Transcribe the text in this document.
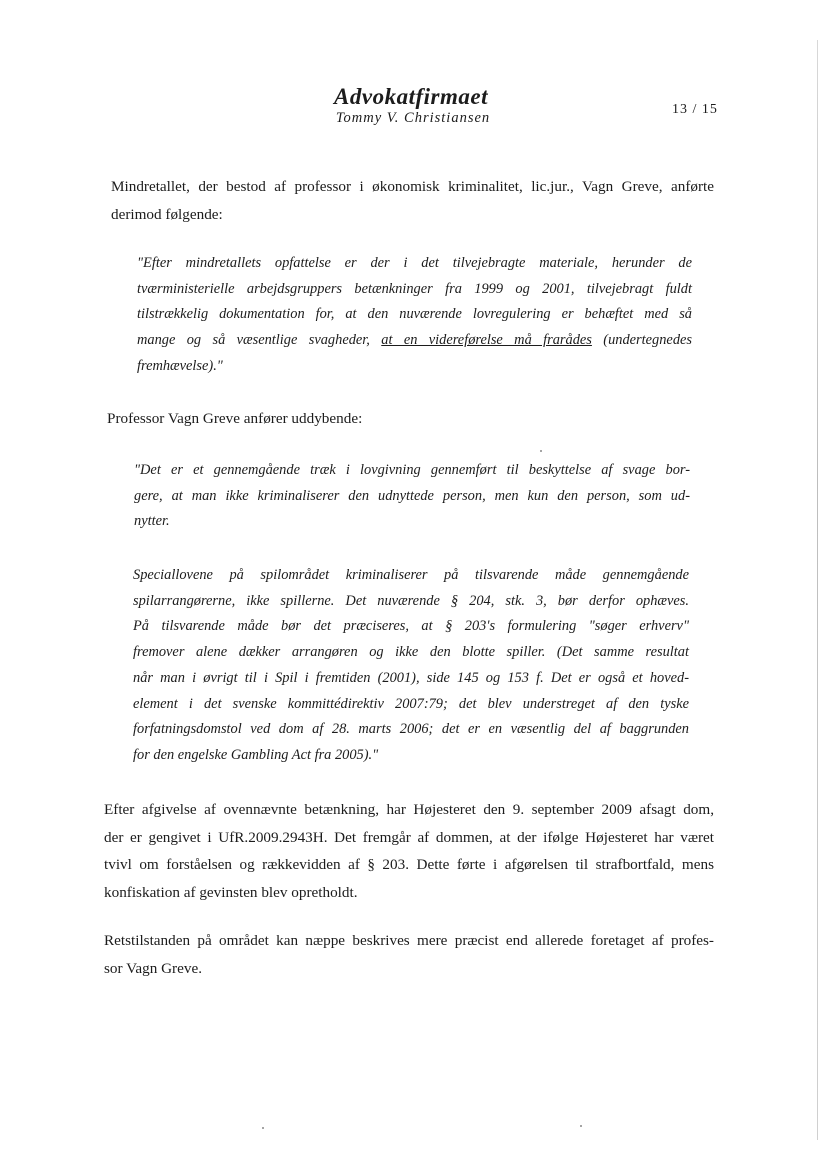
Advokatfirmaet
Tommy V. Christiansen
13 / 15
Mindretallet, der bestod af professor i økonomisk kriminalitet, lic.jur., Vagn Greve, anførte
derimod følgende:
"Efter mindretallets opfattelse er der i det tilvejebragte materiale, herunder de
tværministerielle arbejdsgruppers betænkninger fra 1999 og 2001, tilvejebragt fuldt
tilstrækkelig dokumentation for, at den nuværende lovregulering er behæftet med så
mange og så væsentlige svagheder, at en videreførelse må frarådes (undertegnedes
fremhævelse)."
Professor Vagn Greve anfører uddybende:
"Det er et gennemgående træk i lovgivning gennemført til beskyttelse af svage bor-
gere, at man ikke kriminaliserer den udnyttede person, men kun den person, som ud-
nytter.
Speciallovene på spilområdet kriminaliserer på tilsvarende måde gennemgående
spilarrangørerne, ikke spillerne. Det nuværende § 204, stk. 3, bør derfor ophæves.
På tilsvarende måde bør det præciseres, at § 203's formulering "søger erhverv"
fremover alene dækker arrangøren og ikke den blotte spiller. (Det samme resultat
når man i øvrigt til i Spil i fremtiden (2001), side 145 og 153 f. Det er også et hoved-
element i det svenske kommittédirektiv 2007:79; det blev understreget af den tyske
forfatningsdomstol ved dom af 28. marts 2006; det er en væsentlig del af baggrunden
for den engelske Gambling Act fra 2005)."
Efter afgivelse af ovennævnte betænkning, har Højesteret den 9. september 2009 afsagt dom,
der er gengivet i UfR.2009.2943H. Det fremgår af dommen, at der ifølge Højesteret har været
tvivl om forståelsen og rækkevidden af § 203. Dette førte i afgørelsen til strafbortfald, mens
konfiskation af gevinsten blev opretholdt.
Retstilstanden på området kan næppe beskrives mere præcist end allerede foretaget af profes-
sor Vagn Greve.
